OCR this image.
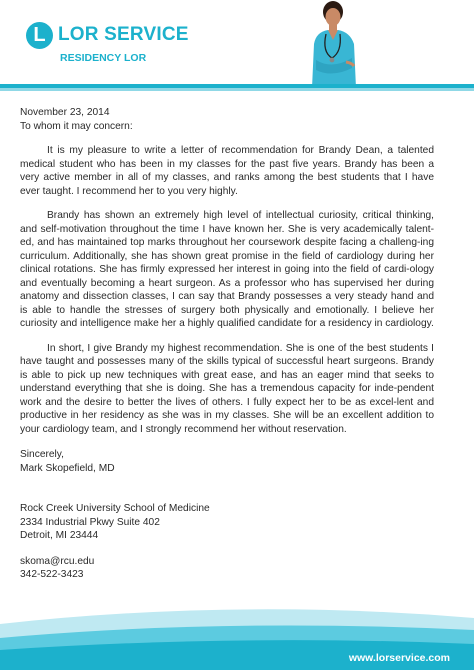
L LOR SERVICE
RESIDENCY LOR

November 23, 2014

To whom it may concern:

It is my pleasure to write a letter of recommendation for Brandy Dean, a talented medical student who has been in my classes for the past five years. Brandy has been a very active member in all of my classes, and ranks among the best students that I have ever taught. I recommend her to you very highly.

Brandy has shown an extremely high level of intellectual curiosity, critical thinking, and self-motivation throughout the time I have known her. She is very academically talent-ed, and has maintained top marks throughout her coursework despite facing a challeng-ing curriculum. Additionally, she has shown great promise in the field of cardiology during her clinical rotations. She has firmly expressed her interest in going into the field of cardi-ology and eventually becoming a heart surgeon. As a professor who has supervised her during anatomy and dissection classes, I can say that Brandy possesses a very steady hand and is able to handle the stresses of surgery both physically and emotionally. I believe her curiosity and intelligence make her a highly qualified candidate for a residency in cardiology.

In short, I give Brandy my highest recommendation. She is one of the best students I have taught and possesses many of the skills typical of successful heart surgeons. Brandy is able to pick up new techniques with great ease, and has an eager mind that seeks to understand everything that she is doing. She has a tremendous capacity for inde-pendent work and the desire to better the lives of others. I fully expect her to be as excel-lent and productive in her residency as she was in my classes. She will be an excellent addition to your cardiology team, and I strongly recommend her without reservation.

Sincerely,

Mark Skopefield, MD

Rock Creek University School of Medicine
2334 Industrial Pkwy Suite 402
Detroit, MI 23444
skoma@rcu.edu
342-522-3423
www.lorservice.com
